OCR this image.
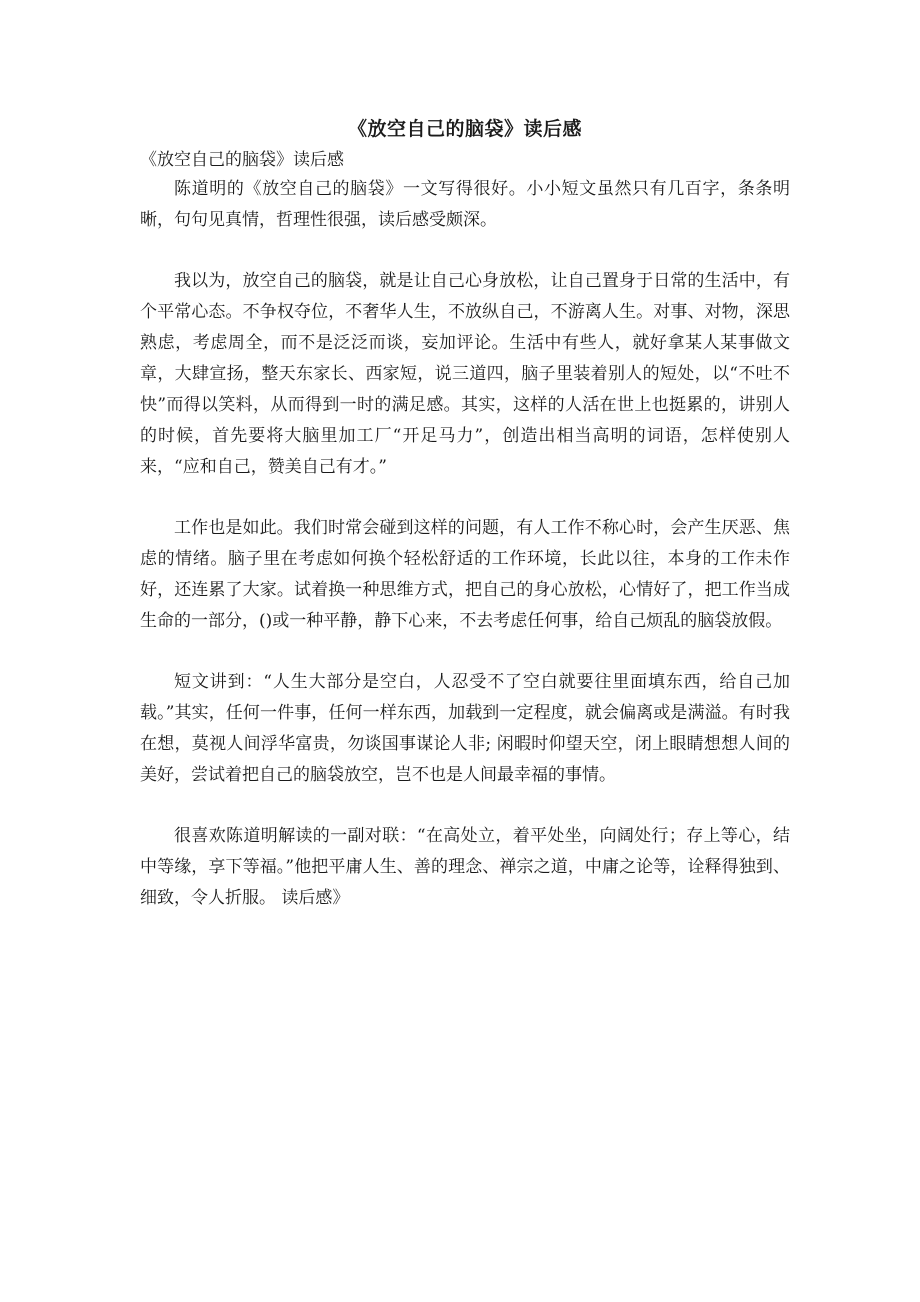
《放空自己的脑袋》读后感

《放空自己的脑袋》读后感

陈道明的《放空自己的脑袋》一文写得很好。小小短文虽然只有几百字，条条明晰，句句见真情，哲理性很强，读后感受颇深。

我以为，放空自己的脑袋，就是让自己心身放松，让自己置身于日常的生活中，有个平常心态。不争权夺位，不奢华人生，不放纵自己，不游离人生。对事、对物，深思熟虑，考虑周全，而不是泛泛而谈，妄加评论。生活中有些人，就好拿某人某事做文章，大肆宣扬，整天东家长、西家短，说三道四，脑子里装着别人的短处，以“不吐不快”而得以笑料，从而得到一时的满足感。其实，这样的人活在世上也挺累的，讲别人的时候，首先要将大脑里加工厂“开足马力”，创造出相当高明的词语，怎样使别人来，“应和自己，赞美自己有才。”

工作也是如此。我们时常会碰到这样的问题，有人工作不称心时，会产生厌恶、焦虑的情绪。脑子里在考虑如何换个轻松舒适的工作环境，长此以往，本身的工作未作好，还连累了大家。试着换一种思维方式，把自己的身心放松，心情好了，把工作当成生命的一部分，()或一种平静，静下心来，不去考虑任何事，给自己烦乱的脑袋放假。

短文讲到：“人生大部分是空白，人忍受不了空白就要往里面填东西，给自己加载。”其实，任何一件事，任何一样东西，加载到一定程度，就会偏离或是满溢。有时我在想，莫视人间浮华富贵，勿谈国事谋论人非; 闲暇时仰望天空，闭上眼睛想想人间的美好，尝试着把自己的脑袋放空，岂不也是人间最幸福的事情。

很喜欢陈道明解读的一副对联：“在高处立，着平处坐，向阔处行；存上等心，结中等缘，享下等福。”他把平庸人生、善的理念、禅宗之道，中庸之论等，诠释得独到、细致，令人折服。 读后感》
